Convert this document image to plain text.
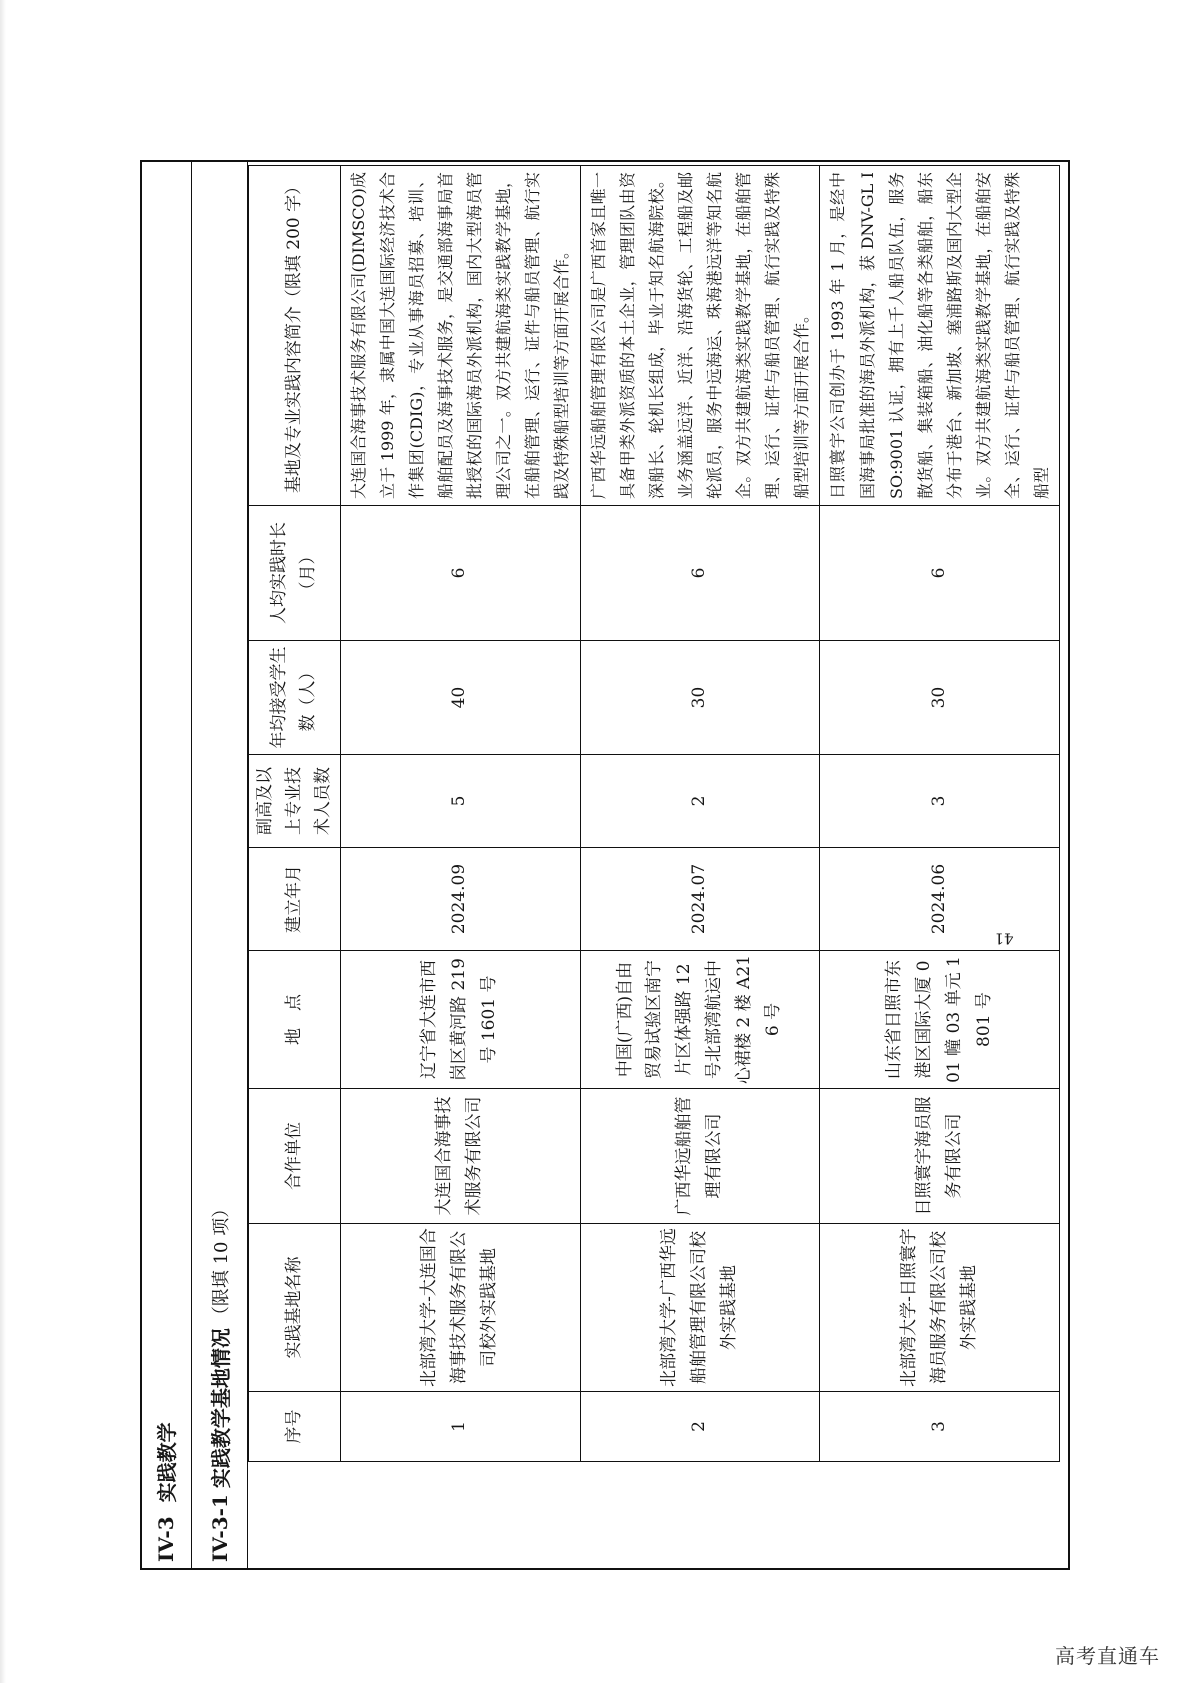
IV-3
实践教学
IV-3-1
实践教学基地情况
（限填 10 项）
序号	实践基地名称	合作单位	地　点	建立年月	副高及以上专业技术人员数	年均接受学生数（人）	人均实践时长（月）	基地及专业实践内容简介（限填 200 字）
1	北部湾大学-大连国合海事技术服务有限公司校外实践基地	大连国合海事技术服务有限公司	辽宁省大连市西岗区黄河路 219 号 1601 号	2024.09	5	40	6	大连国合海事技术服务有限公司(DIMSCO)成立于 1999 年，隶属中国大连国际经济技术合作集团(CDIG)，专业从事海员招募、培训、船舶配员及海事技术服务，是交通部海事局首批授权的国际海员外派机构，国内大型海员管理公司之一。双方共建航海类实践教学基地，在船舶管理、运行、证件与船员管理、航行实践及特殊船型培训等方面开展合作。
2	北部湾大学-广西华远船舶管理有限公司校外实践基地	广西华远船舶管理有限公司	中国(广西)自由贸易试验区南宁片区体强路 12 号北部湾航运中心裙楼 2 楼 A216 号	2024.07	2	30	6	广西华远船舶管理有限公司是广西首家且唯一具备甲类外派资质的本土企业，管理团队由资深船长、轮机长组成，毕业于知名航海院校。业务涵盖远洋、近洋、沿海货轮、工程船及邮轮派员，服务中远海运、珠海港远洋等知名航企。双方共建航海类实践教学基地，在船舶管理、运行、证件与船员管理、航行实践及特殊船型培训等方面开展合作。
3	北部湾大学-日照寰宇海员服务有限公司校外实践基地	日照寰宇海员服务有限公司	山东省日照市东港区国际大厦 001 幢 03 单元 1801 号	2024.06	3	30	6	日照寰宇公司创办于 1993 年 1 月，是经中国海事局批准的海员外派机构，获 DNV-GL ISO:9001 认证，拥有上千人船员队伍，服务散货船、集装箱船、油化船等各类船舶，船东分布于港台、新加坡、塞浦路斯及国内大型企业。双方共建航海类实践教学基地，在船舶安全、运行、证件与船员管理、航行实践及特殊船型
41
高考直通车
